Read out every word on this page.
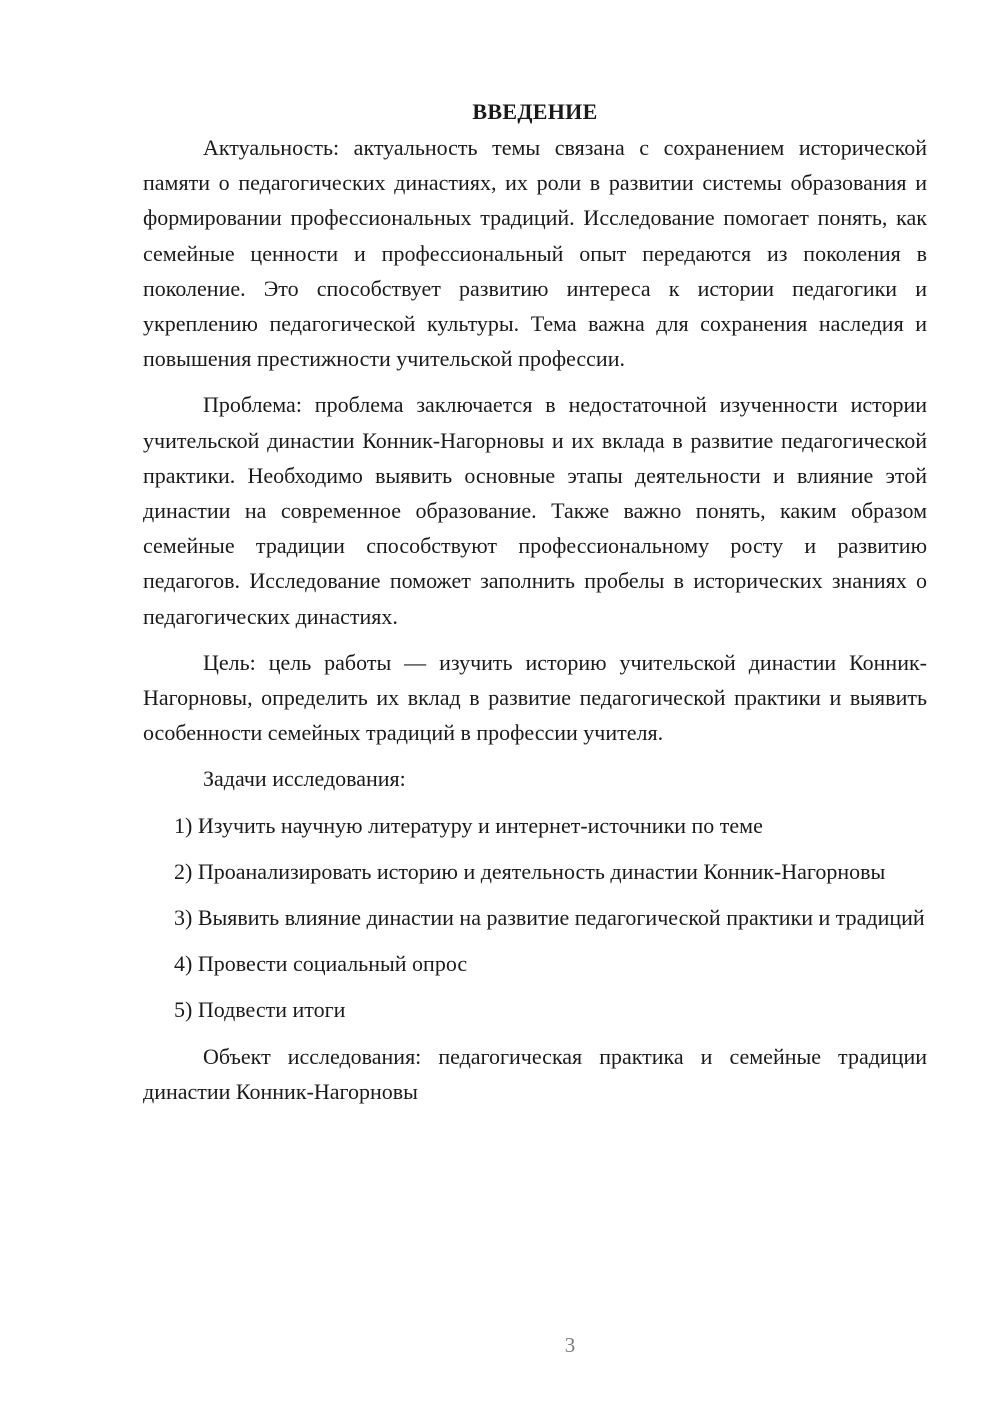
ВВЕДЕНИЕ

Актуальность: актуальность темы связана с сохранением исторической памяти о педагогических династиях, их роли в развитии системы образования и формировании профессиональных традиций. Исследование помогает понять, как семейные ценности и профессиональный опыт передаются из поколения в поколение. Это способствует развитию интереса к истории педагогики и укреплению педагогической культуры. Тема важна для сохранения наследия и повышения престижности учительской профессии.

Проблема: проблема заключается в недостаточной изученности истории учительской династии Конник-Нагорновы и их вклада в развитие педагогической практики. Необходимо выявить основные этапы деятельности и влияние этой династии на современное образование. Также важно понять, каким образом семейные традиции способствуют профессиональному росту и развитию педагогов. Исследование поможет заполнить пробелы в исторических знаниях о педагогических династиях.

Цель: цель работы — изучить историю учительской династии Конник-Нагорновы, определить их вклад в развитие педагогической практики и выявить особенности семейных традиций в профессии учителя.

Задачи исследования:

1) Изучить научную литературу и интернет-источники по теме

2) Проанализировать историю и деятельность династии Конник-Нагорновы

3) Выявить влияние династии на развитие педагогической практики и традиций

4) Провести социальный опрос

5) Подвести итоги

Объект исследования: педагогическая практика и семейные традиции династии Конник-Нагорновы

3
